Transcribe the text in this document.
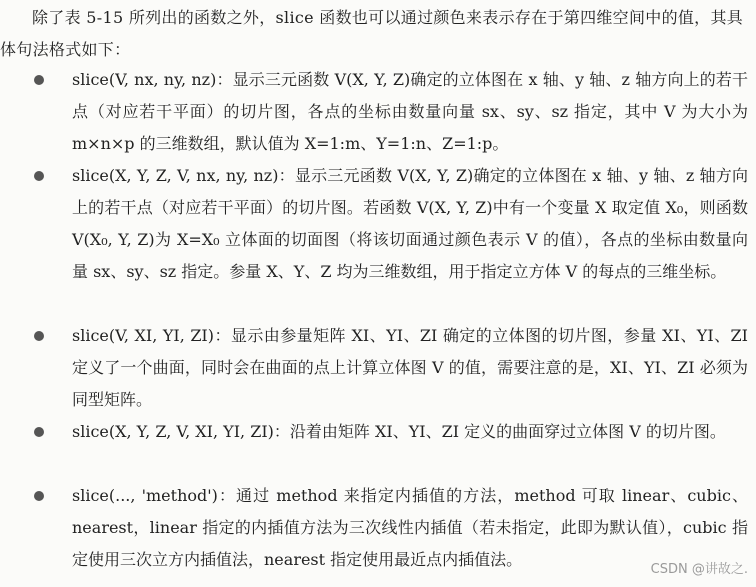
除了表 5-15 所列出的函数之外，slice 函数也可以通过颜色来表示存在于第四维空间中的值，其具体句法格式如下：

slice(V, nx, ny, nz)：显示三元函数 V(X, Y, Z)确定的立体图在 x 轴、y 轴、z 轴方向上的若干点（对应若干平面）的切片图，各点的坐标由数量向量 sx、sy、sz 指定，其中 V 为大小为 m×n×p 的三维数组，默认值为 X=1:m、Y=1:n、Z=1:p。
slice(X, Y, Z, V, nx, ny, nz)：显示三元函数 V(X, Y, Z)确定的立体图在 x 轴、y 轴、z 轴方向上的若干点（对应若干平面）的切片图。若函数 V(X, Y, Z)中有一个变量 X 取定值 X₀，则函数 V(X₀, Y, Z)为 X=X₀ 立体面的切面图（将该切面通过颜色表示 V 的值），各点的坐标由数量向量 sx、sy、sz 指定。参量 X、Y、Z 均为三维数组，用于指定立方体 V 的每点的三维坐标。
slice(V, XI, YI, ZI)：显示由参量矩阵 XI、YI、ZI 确定的立体图的切片图，参量 XI、YI、ZI 定义了一个曲面，同时会在曲面的点上计算立体图 V 的值，需要注意的是，XI、YI、ZI 必须为同型矩阵。
slice(X, Y, Z, V, XI, YI, ZI)：沿着由矩阵 XI、YI、ZI 定义的曲面穿过立体图 V 的切片图。
slice(..., 'method')：通过 method 来指定内插值的方法，method 可取 linear、cubic、nearest，linear 指定的内插值方法为三次线性内插值（若未指定，此即为默认值），cubic 指定使用三次立方内插值法，nearest 指定使用最近点内插值法。
CSDN @讲故之.
